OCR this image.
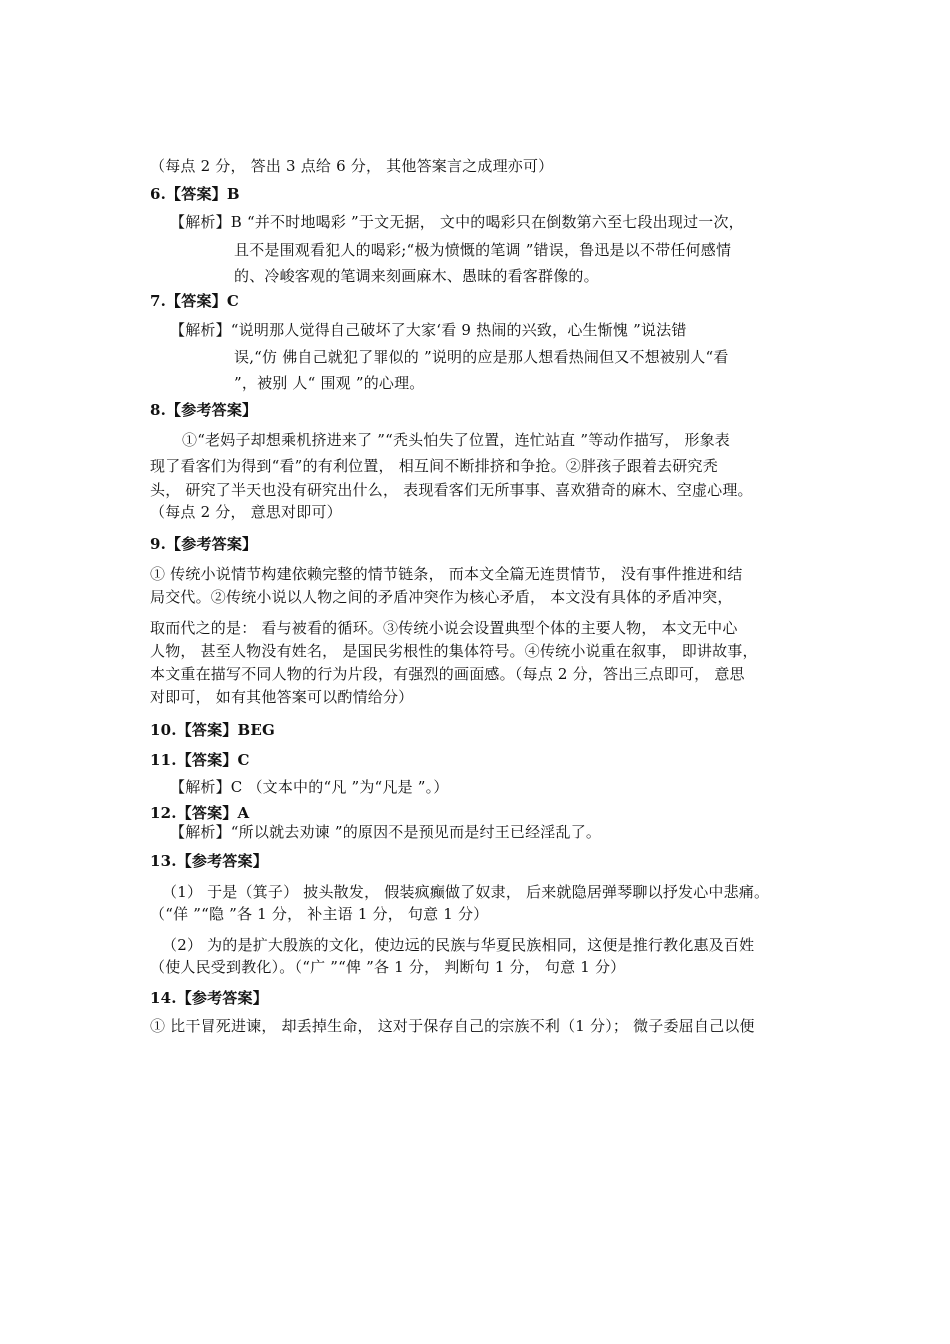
（每点 2 分， 答出 3 点给 6 分， 其他答案言之成理亦可）
6.【答案】B
【解析】B “并不时地喝彩 ”于文无据， 文中的喝彩只在倒数第六至七段出现过一次，
且不是围观看犯人的喝彩;“极为愤慨的笔调 ”错误，鲁迅是以不带任何感情
的、冷峻客观的笔调来刻画麻木、愚昧的看客群像的。
7.【答案】C
【解析】“说明那人觉得自己破坏了大家‘看 9 热闹的兴致，心生惭愧 ”说法错
误,“仿 佛自己就犯了罪似的 ”说明的应是那人想看热闹但又不想被别人“看
”，被别 人“ 围观 ”的心理。
8.【参考答案】
①“老妈子却想乘机挤进来了 ”“秃头怕失了位置，连忙站直 ”等动作描写， 形象表
现了看客们为得到“看”的有利位置， 相互间不断排挤和争抢。②胖孩子跟着去研究秃
头， 研究了半天也没有研究出什么， 表现看客们无所事事、喜欢猎奇的麻木、空虚心理。
（每点 2 分， 意思对即可）
9.【参考答案】
① 传统小说情节构建依赖完整的情节链条， 而本文全篇无连贯情节， 没有事件推进和结
局交代。②传统小说以人物之间的矛盾冲突作为核心矛盾， 本文没有具体的矛盾冲突，
取而代之的是： 看与被看的循环。③传统小说会设置典型个体的主要人物， 本文无中心
人物， 甚至人物没有姓名， 是国民劣根性的集体符号。④传统小说重在叙事， 即讲故事，
本文重在描写不同人物的行为片段，有强烈的画面感。（每点 2 分，答出三点即可， 意思
对即可， 如有其他答案可以酌情给分）
10.【答案】BEG
11.【答案】C
【解析】C （文本中的“凡 ”为“凡是 ”。）
12.【答案】A
【解析】“所以就去劝谏 ”的原因不是预见而是纣王已经淫乱了。
13.【参考答案】
（1） 于是（箕子） 披头散发， 假装疯癫做了奴隶， 后来就隐居弹琴聊以抒发心中悲痛。
（“佯 ”“隐 ”各 1 分， 补主语 1 分， 句意 1 分）
（2） 为的是扩大殷族的文化，使边远的民族与华夏民族相同，这便是推行教化惠及百姓
（使人民受到教化）。（“广 ”“俾 ”各 1 分， 判断句 1 分， 句意 1 分）
14.【参考答案】
① 比干冒死进谏， 却丢掉生命， 这对于保存自己的宗族不利（1 分）； 微子委屈自己以便
